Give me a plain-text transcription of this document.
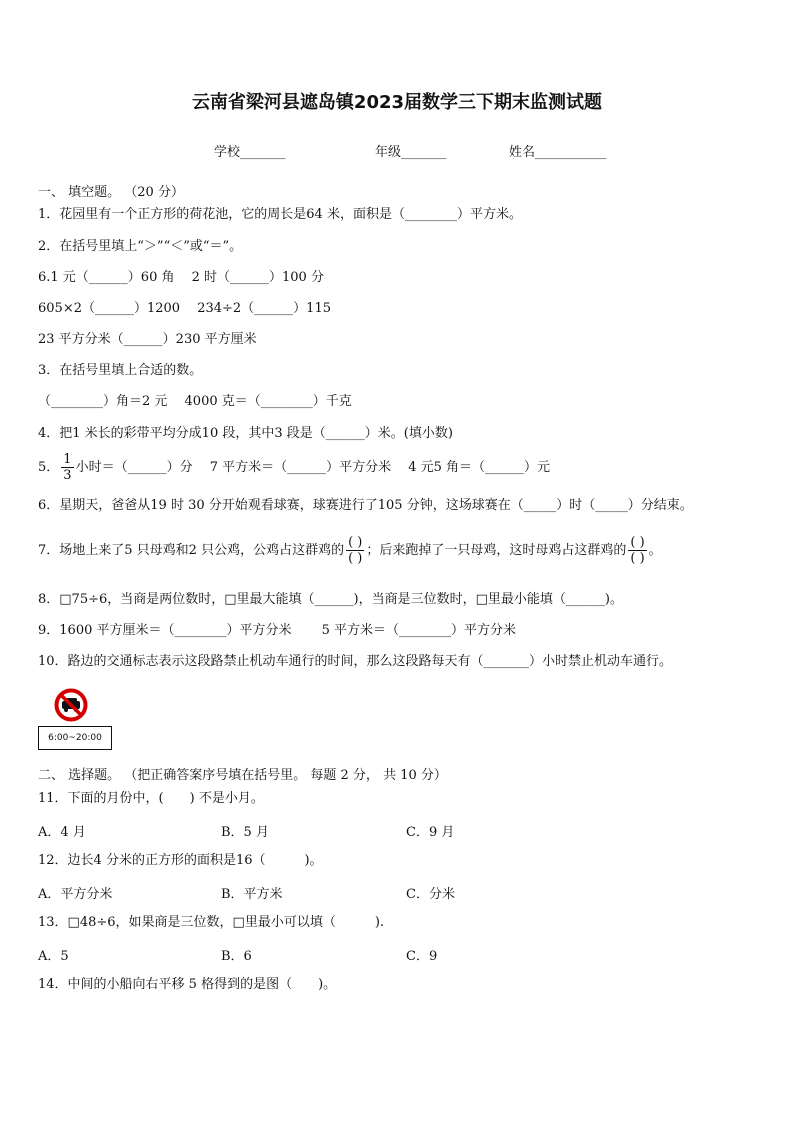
云南省梁河县遮岛镇2023届数学三下期末监测试题
学校_______	年级_______	姓名___________
一、 填空题。 （20 分）
1．花园里有一个正方形的荷花池，它的周长是64 米，面积是（________）平方米。
2．在括号里填上“＞”“＜”或“＝”。
6.1 元（______）60 角　 2 时（______）100 分
605×2（______）1200　 234÷2（______）115
23 平方分米（______）230 平方厘米
3．在括号里填上合适的数。
（________）角＝2 元　 4000 克＝（________）千克
4．把1 米长的彩带平均分成10 段，其中3 段是（______）米。(填小数)
5． $\frac{1}{3}$ 小时＝（______）分　 7 平方米＝（______）平方分米　 4 元5 角＝（______）元
6．星期天，爸爸从19 时 30 分开始观看球赛，球赛进行了105 分钟，这场球赛在（_____）时（_____）分结束。
7．场地上来了5 只母鸡和2 只公鸡，公鸡占这群鸡的 $\frac{( )}{( )}$ ；后来跑掉了一只母鸡，这时母鸡占这群鸡的 $\frac{( )}{( )}$ 。
8．□75÷6，当商是两位数时，□里最大能填（______)，当商是三位数时，□里最小能填（______)。
9．1600 平方厘米＝（________）平方分米　　 5 平方米＝（________）平方分米
10．路边的交通标志表示这段路禁止机动车通行的时间，那么这段路每天有（_______）小时禁止机动车通行。
6:00~20:00
二、 选择题。 （把正确答案序号填在括号里。 每题 2 分， 共 10 分）
11．下面的月份中，(　　) 不是小月。
A．4 月	B．5 月	C．9 月
12．边长4 分米的正方形的面积是16（　　　)。
A．平方分米	B．平方米	C．分米
13．□48÷6，如果商是三位数，□里最小可以填（　　　).
A．5	B．6	C．9
14．中间的小船向右平移 5 格得到的是图（　　)。
